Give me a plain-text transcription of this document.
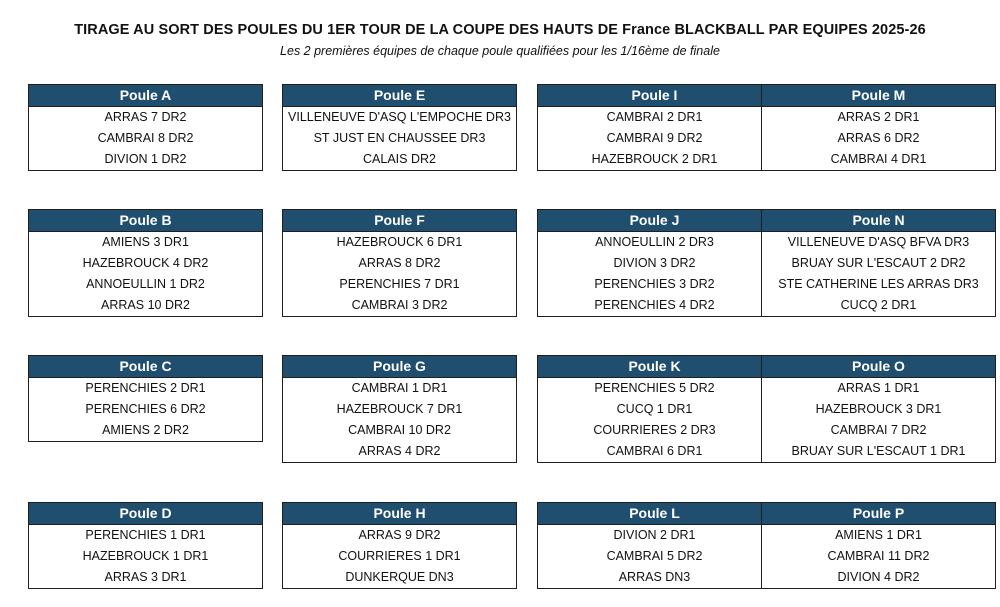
TIRAGE AU SORT DES POULES DU 1ER TOUR DE LA COUPE DES HAUTS DE France BLACKBALL PAR EQUIPES 2025-26
Les 2 premières équipes de chaque poule qualifiées pour les 1/16ème de finale
Poule A
ARRAS 7 DR2
CAMBRAI 8 DR2
DIVION 1 DR2
Poule E
VILLENEUVE D'ASQ L'EMPOCHE DR3
ST JUST EN CHAUSSEE DR3
CALAIS DR2
Poule I
CAMBRAI 2 DR1
CAMBRAI 9 DR2
HAZEBROUCK 2 DR1
Poule M
ARRAS 2 DR1
ARRAS 6 DR2
CAMBRAI 4 DR1
Poule B
AMIENS 3 DR1
HAZEBROUCK 4 DR2
ANNOEULLIN 1 DR2
ARRAS 10 DR2
Poule F
HAZEBROUCK 6 DR1
ARRAS 8 DR2
PERENCHIES 7 DR1
CAMBRAI 3 DR2
Poule J
ANNOEULLIN 2 DR3
DIVION 3 DR2
PERENCHIES 3 DR2
PERENCHIES 4 DR2
Poule N
VILLENEUVE D'ASQ BFVA DR3
BRUAY SUR L'ESCAUT 2 DR2
STE CATHERINE LES ARRAS DR3
CUCQ 2 DR1
Poule C
PERENCHIES 2 DR1
PERENCHIES 6 DR2
AMIENS 2 DR2
Poule G
CAMBRAI 1 DR1
HAZEBROUCK 7 DR1
CAMBRAI 10 DR2
ARRAS 4 DR2
Poule K
PERENCHIES 5 DR2
CUCQ 1 DR1
COURRIERES 2 DR3
CAMBRAI 6 DR1
Poule O
ARRAS 1 DR1
HAZEBROUCK 3 DR1
CAMBRAI 7 DR2
BRUAY SUR L'ESCAUT 1 DR1
Poule D
PERENCHIES 1 DR1
HAZEBROUCK 1 DR1
ARRAS 3 DR1
Poule H
ARRAS 9 DR2
COURRIERES 1 DR1
DUNKERQUE DN3
Poule L
DIVION 2 DR1
CAMBRAI 5 DR2
ARRAS DN3
Poule P
AMIENS 1 DR1
CAMBRAI 11 DR2
DIVION 4 DR2
